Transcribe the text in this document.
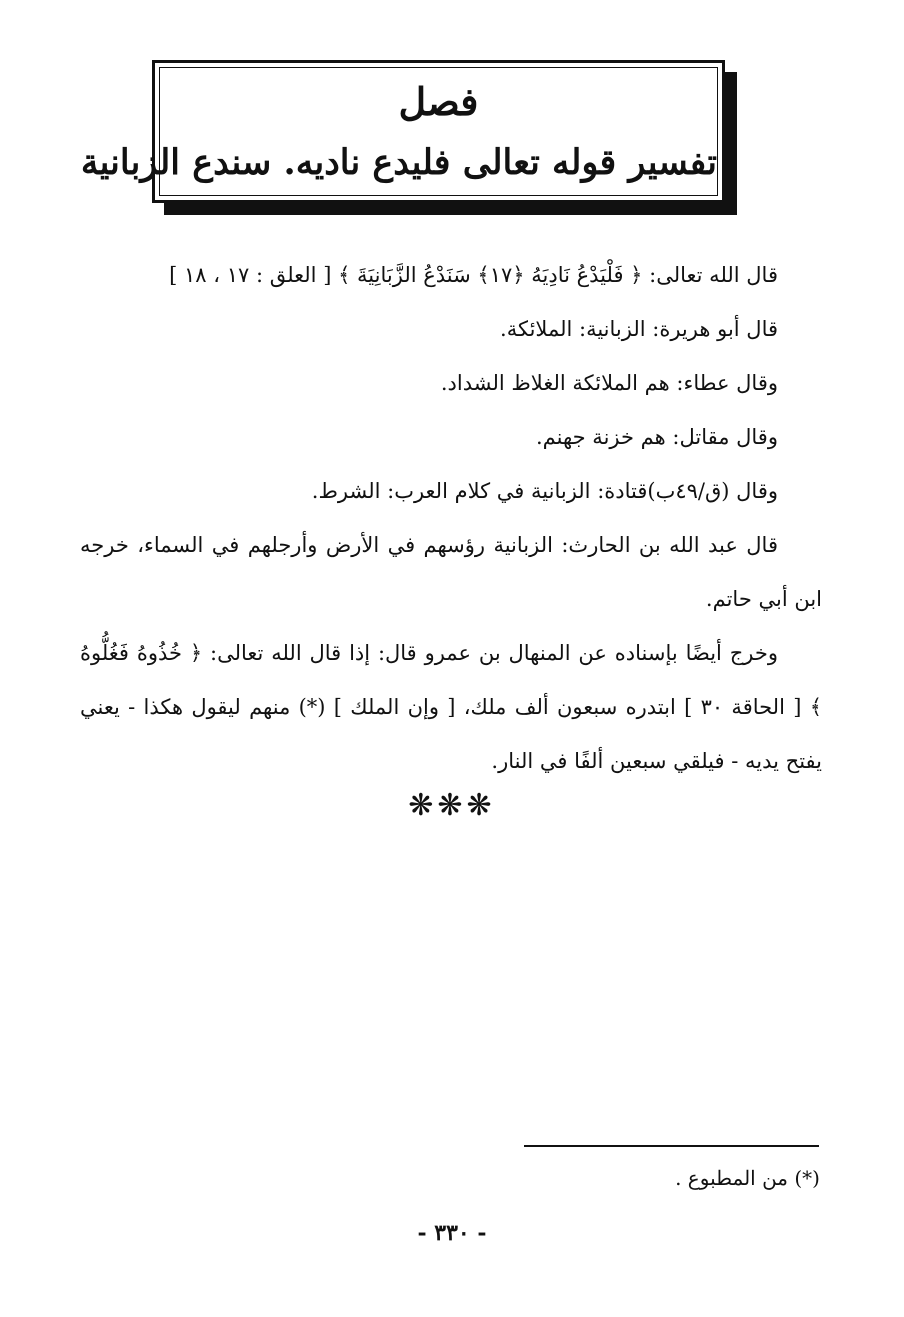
فصل
تفسير قوله تعالى فليدع ناديه. سندع الزبانية

قال الله تعالى: ﴿ فَلْيَدْعُ نَادِيَهُ ﴿١٧﴾ سَنَدْعُ الزَّبَانِيَةَ ﴾ [ العلق : ١٧ ، ١٨ ]

قال أبو هريرة: الزبانية: الملائكة.

وقال عطاء: هم الملائكة الغلاظ الشداد.

وقال مقاتل: هم خزنة جهنم.

وقال (ق/٤٩ب)قتادة: الزبانية في كلام العرب: الشرط.

قال عبد الله بن الحارث: الزبانية رؤسهم في الأرض وأرجلهم في السماء، خرجه ابن أبي حاتم.

وخرج أيضًا بإسناده عن المنهال بن عمرو قال: إذا قال الله تعالى: ﴿ خُذُوهُ فَغُلُّوهُ ﴾ [ الحاقة ٣٠ ] ابتدره سبعون ألف ملك، [ وإن الملك ] (*) منهم ليقول هكذا - يعني يفتح يديه - فيلقي سبعين ألفًا في النار.

❋❋❋
(*) من المطبوع .
- ٣٣٠ -
